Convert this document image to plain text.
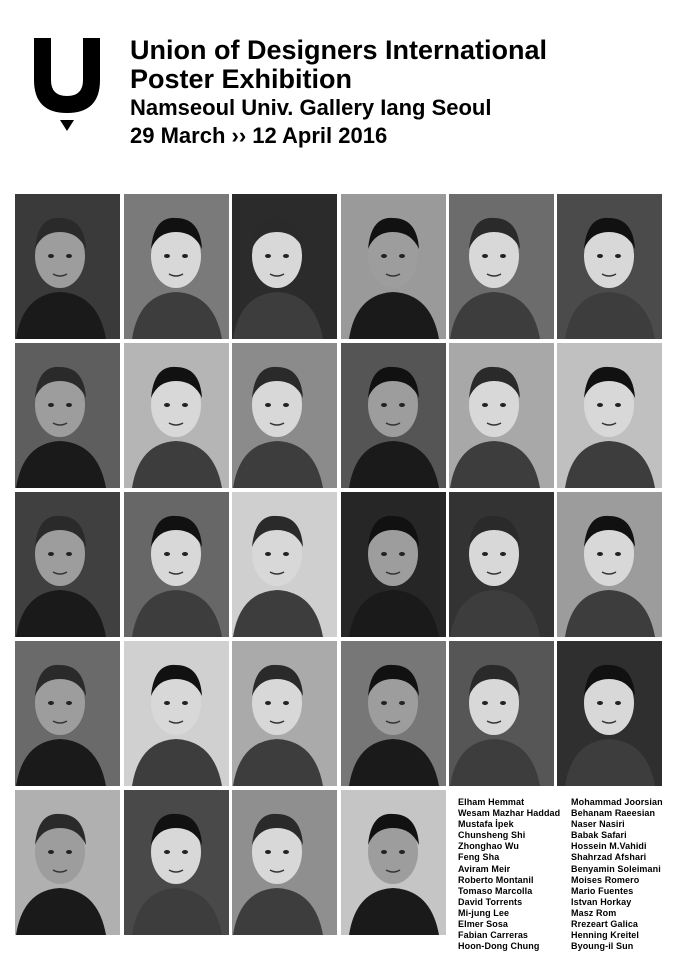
Union of Designers International
Poster Exhibition
Namseoul Univ. Gallery Iang Seoul
29 March ›› 12 April 2016
Elham Hemmat
Wesam Mazhar Haddad
Mustafa İpek
Chunsheng Shi
Zhonghao Wu
Feng Sha
Aviram Meir
Roberto Montanil
Tomaso Marcolla
David Torrents
Mi-jung Lee
Elmer Sosa
Fabian Carreras
Hoon-Dong Chung
Mohammad Joorsian
Behanam Raeesian
Naser Nasiri
Babak Safari
Hossein M.Vahidi
Shahrzad Afshari
Benyamin Soleimani
Moises Romero
Mario Fuentes
Istvan Horkay
Masz Rom
Rrezeart Galica
Henning Kreitel
Byoung-il Sun
